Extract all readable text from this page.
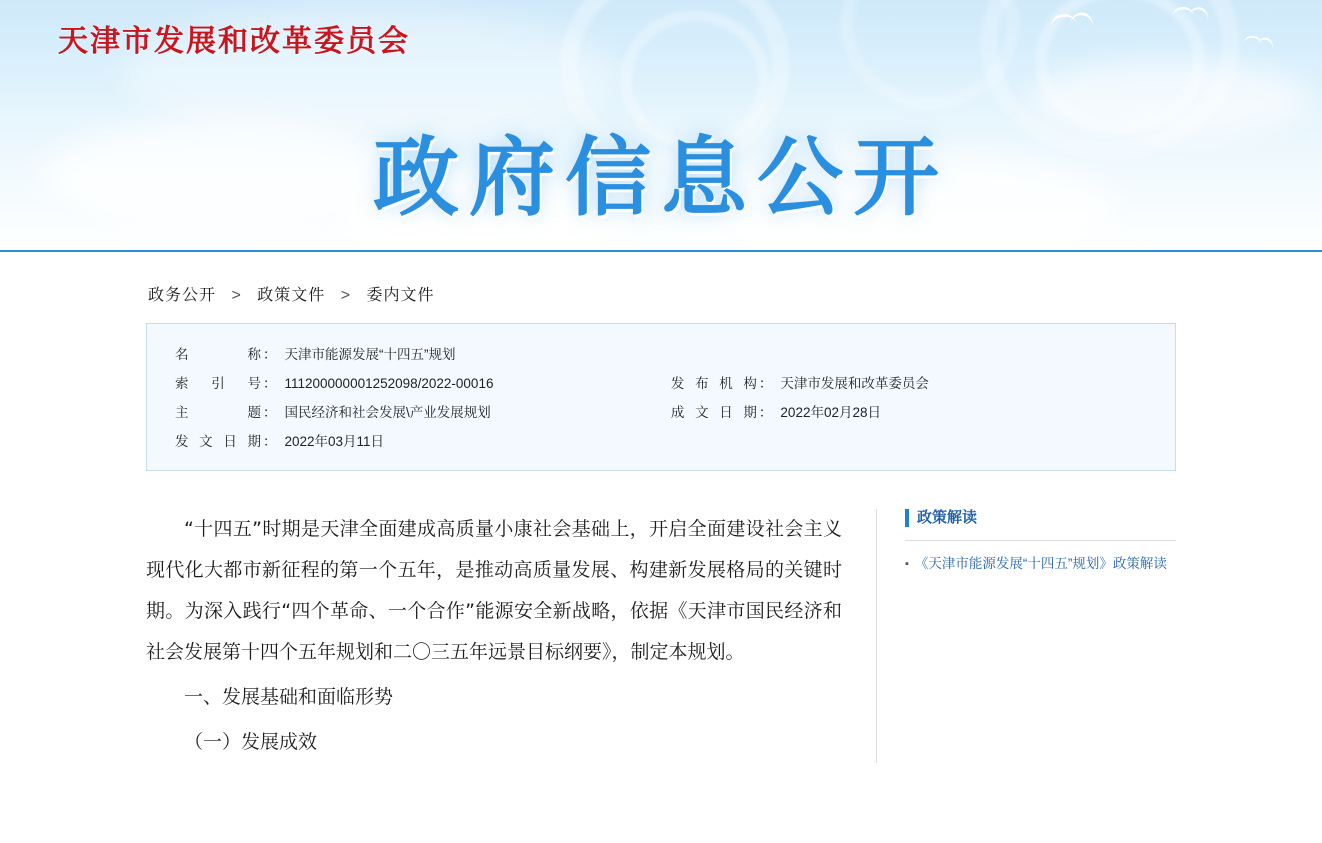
天津市发展和改革委员会
政府信息公开
政务公开 > 政策文件 > 委内文件
名　　　称 ： 天津市能源发展“十四五”规划
索　引　号 ： 111200000001252098/2022-00016	发 布 机 构 ： 天津市发展和改革委员会
主　　　题 ： 国民经济和社会发展\产业发展规划	成 文 日 期 ： 2022年02月28日
发 文 日 期 ： 2022年03月11日

“十四五”时期是天津全面建成高质量小康社会基础上，开启全面建设社会主义现代化大都市新征程的第一个五年，是推动高质量发展、构建新发展格局的关键时期。为深入践行“四个革命、一个合作”能源安全新战略，依据《天津市国民经济和社会发展第十四个五年规划和二〇三五年远景目标纲要》，制定本规划。

一、发展基础和面临形势

（一）发展成效

政策解读
▪ 《天津市能源发展“十四五”规划》政策解读
